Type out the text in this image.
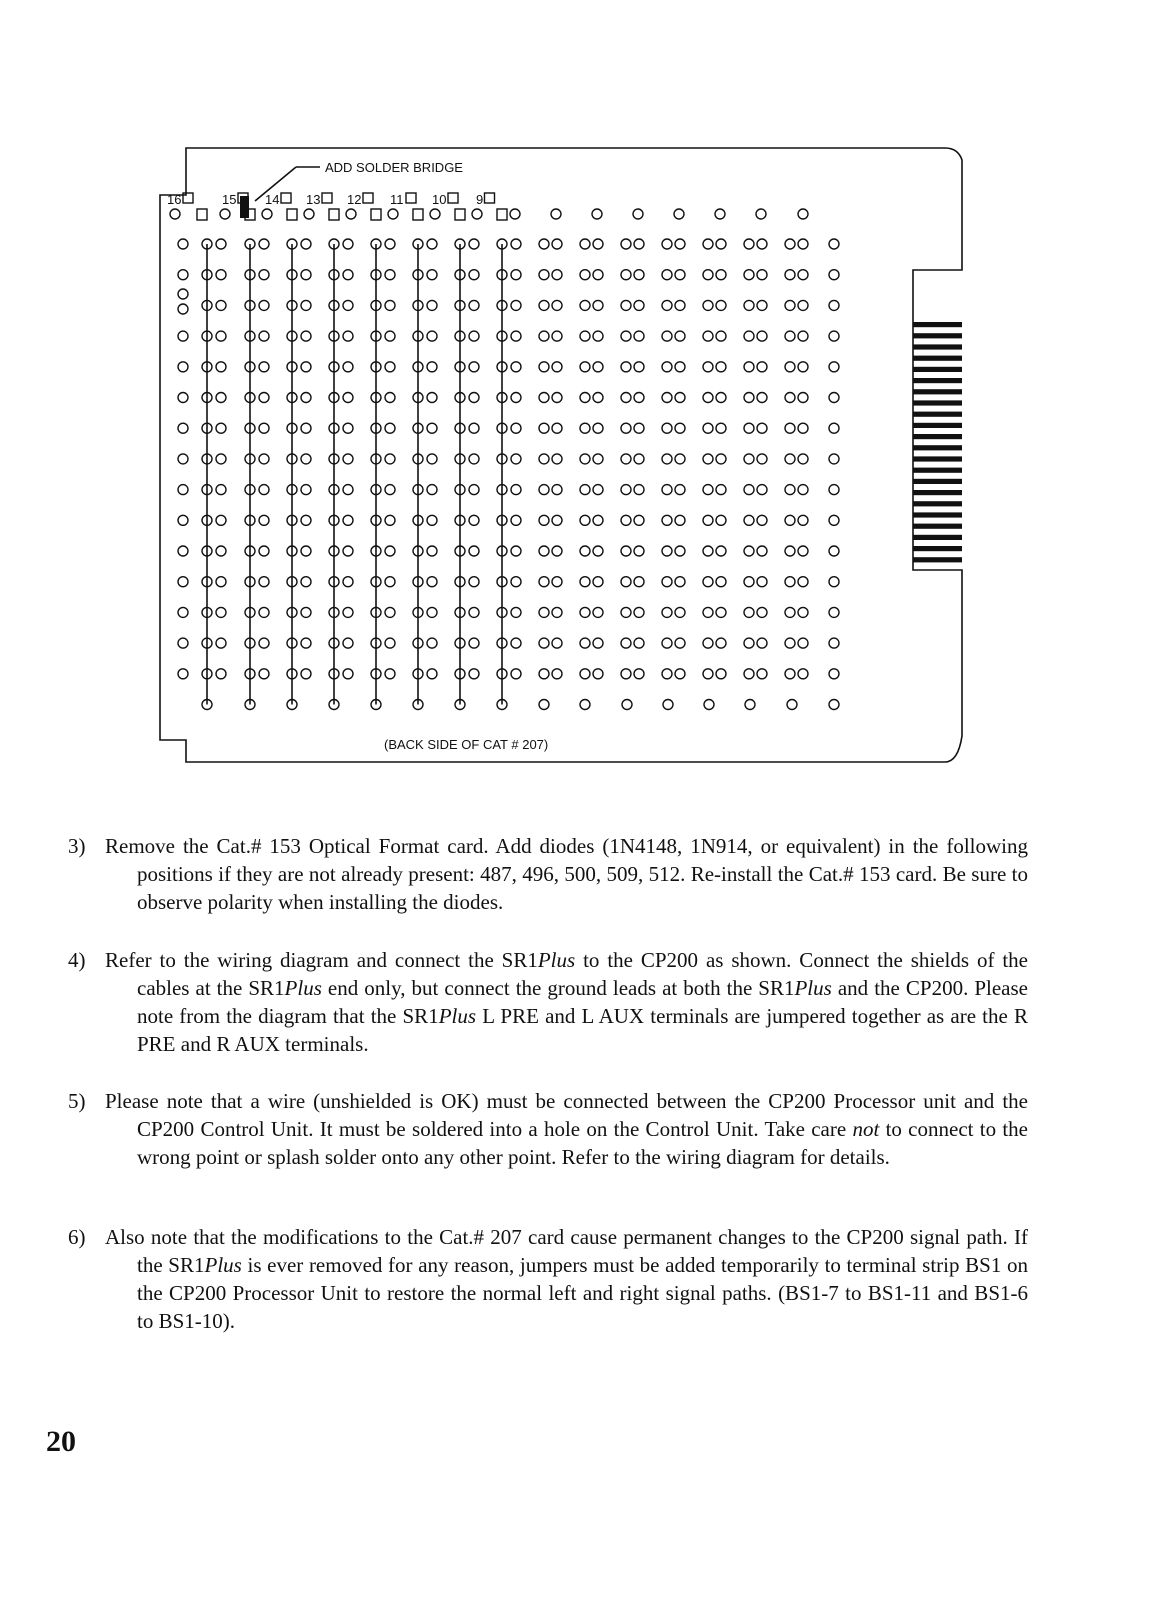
ADD SOLDER BRIDGE
16	15 14 13 12 11 10 9
(BACK SIDE OF CAT # 207)
3) Remove the Cat.# 153 Optical Format card. Add diodes (1N4148, 1N914, or equivalent) in the following positions if they are not already present: 487, 496, 500, 509, 512. Re-install the Cat.# 153 card. Be sure to observe polarity when installing the diodes.
4) Refer to the wiring diagram and connect the SR1Plus to the CP200 as shown. Connect the shields of the cables at the SR1Plus end only, but connect the ground leads at both the SR1Plus and the CP200. Please note from the diagram that the SR1Plus L PRE and L AUX terminals are jumpered together as are the R PRE and R AUX terminals.
5) Please note that a wire (unshielded is OK) must be connected between the CP200 Processor unit and the CP200 Control Unit. It must be soldered into a hole on the Control Unit. Take care not to connect to the wrong point or splash solder onto any other point. Refer to the wiring diagram for details.
6) Also note that the modifications to the Cat.# 207 card cause permanent changes to the CP200 signal path. If the SR1Plus is ever removed for any reason, jumpers must be added temporarily to terminal strip BS1 on the CP200 Processor Unit to restore the normal left and right signal paths. (BS1-7 to BS1-11 and BS1-6 to BS1-10).
20
